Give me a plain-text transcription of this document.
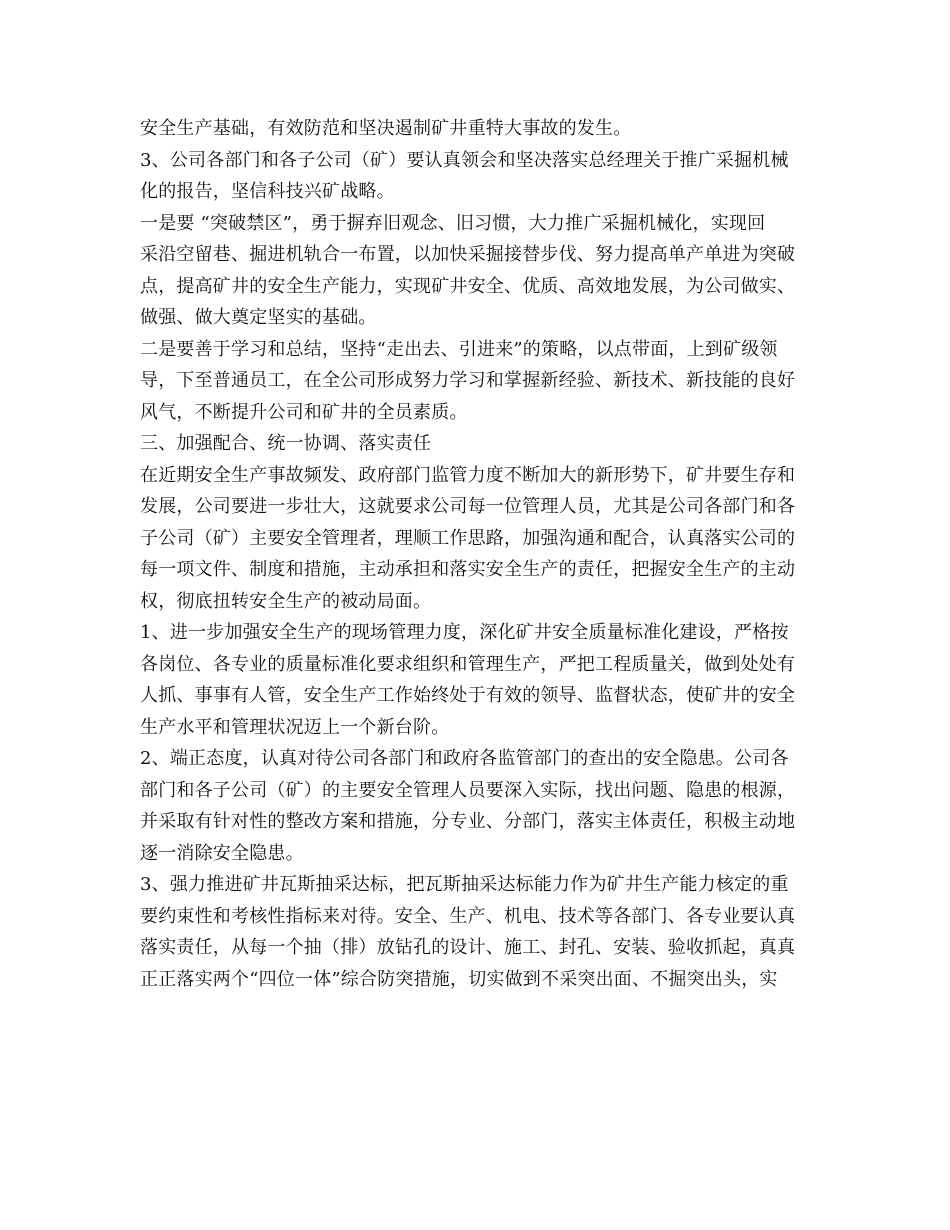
安全生产基础，有效防范和坚决遏制矿井重特大事故的发生。
3、公司各部门和各子公司（矿）要认真领会和坚决落实总经理关于推广采掘机械
化的报告，坚信科技兴矿战略。
一是要 “突破禁区”，勇于摒弃旧观念、旧习惯，大力推广采掘机械化，实现回
采沿空留巷、掘进机轨合一布置，以加快采掘接替步伐、努力提高单产单进为突破
点，提高矿井的安全生产能力，实现矿井安全、优质、高效地发展，为公司做实、
做强、做大奠定坚实的基础。
二是要善于学习和总结，坚持“走出去、引进来”的策略，以点带面，上到矿级领
导，下至普通员工，在全公司形成努力学习和掌握新经验、新技术、新技能的良好
风气，不断提升公司和矿井的全员素质。
三、加强配合、统一协调、落实责任
在近期安全生产事故频发、政府部门监管力度不断加大的新形势下，矿井要生存和
发展，公司要进一步壮大，这就要求公司每一位管理人员，尤其是公司各部门和各
子公司（矿）主要安全管理者，理顺工作思路，加强沟通和配合，认真落实公司的
每一项文件、制度和措施，主动承担和落实安全生产的责任，把握安全生产的主动
权，彻底扭转安全生产的被动局面。
1、进一步加强安全生产的现场管理力度，深化矿井安全质量标准化建设，严格按
各岗位、各专业的质量标准化要求组织和管理生产，严把工程质量关，做到处处有
人抓、事事有人管，安全生产工作始终处于有效的领导、监督状态，使矿井的安全
生产水平和管理状况迈上一个新台阶。
2、端正态度，认真对待公司各部门和政府各监管部门的查出的安全隐患。公司各
部门和各子公司（矿）的主要安全管理人员要深入实际，找出问题、隐患的根源，
并采取有针对性的整改方案和措施，分专业、分部门，落实主体责任，积极主动地
逐一消除安全隐患。
3、强力推进矿井瓦斯抽采达标，把瓦斯抽采达标能力作为矿井生产能力核定的重
要约束性和考核性指标来对待。安全、生产、机电、技术等各部门、各专业要认真
落实责任，从每一个抽（排）放钻孔的设计、施工、封孔、安装、验收抓起，真真
正正落实两个“四位一体”综合防突措施，切实做到不采突出面、不掘突出头，实
